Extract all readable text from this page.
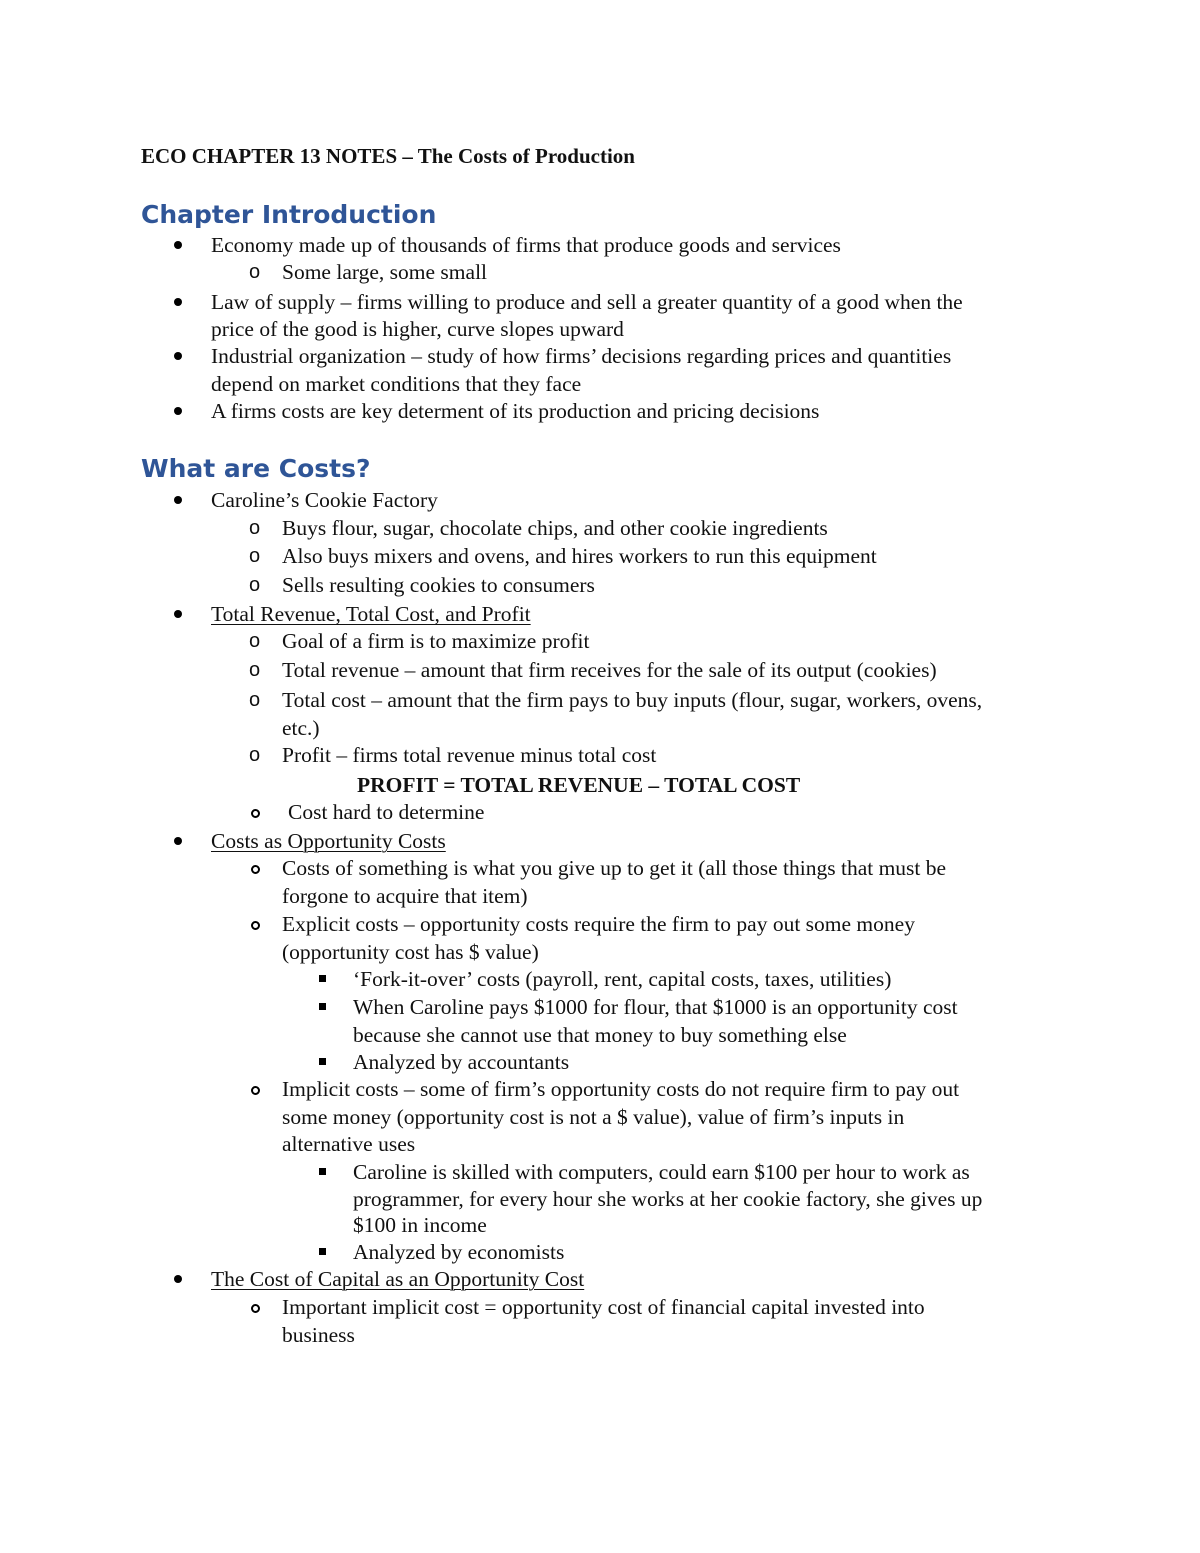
ECO CHAPTER 13 NOTES – The Costs of Production
Chapter Introduction
Economy made up of thousands of firms that produce goods and services
o Some large, some small
Law of supply – firms willing to produce and sell a greater quantity of a good when the
price of the good is higher, curve slopes upward
Industrial organization – study of how firms’ decisions regarding prices and quantities
depend on market conditions that they face
A firms costs are key determent of its production and pricing decisions
What are Costs?
Caroline’s Cookie Factory
o Buys flour, sugar, chocolate chips, and other cookie ingredients
o Also buys mixers and ovens, and hires workers to run this equipment
o Sells resulting cookies to consumers
Total Revenue, Total Cost, and Profit
o Goal of a firm is to maximize profit
o Total revenue – amount that firm receives for the sale of its output (cookies)
o Total cost – amount that the firm pays to buy inputs (flour, sugar, workers, ovens,
etc.)
o Profit – firms total revenue minus total cost
PROFIT = TOTAL REVENUE – TOTAL COST
Cost hard to determine
Costs as Opportunity Costs
Costs of something is what you give up to get it (all those things that must be
forgone to acquire that item)
Explicit costs – opportunity costs require the firm to pay out some money
(opportunity cost has $ value)
‘Fork-it-over’ costs (payroll, rent, capital costs, taxes, utilities)
When Caroline pays $1000 for flour, that $1000 is an opportunity cost
because she cannot use that money to buy something else
Analyzed by accountants
Implicit costs – some of firm’s opportunity costs do not require firm to pay out
some money (opportunity cost is not a $ value), value of firm’s inputs in
alternative uses
Caroline is skilled with computers, could earn $100 per hour to work as
programmer, for every hour she works at her cookie factory, she gives up
$100 in income
Analyzed by economists
The Cost of Capital as an Opportunity Cost
Important implicit cost = opportunity cost of financial capital invested into
business
